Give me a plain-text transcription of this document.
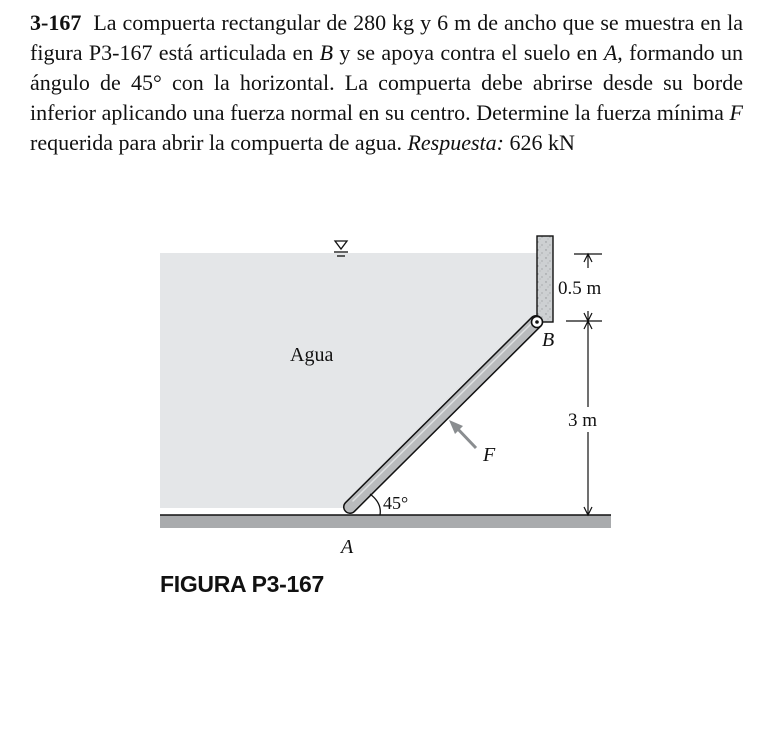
3-167 La compuerta rectangular de 280 kg y 6 m de ancho que se muestra en la figura P3-167 está articulada en B y se apoya contra el suelo en A, formando un ángulo de 45° con la horizontal. La compuerta debe abrirse desde su borde inferior aplicando una fuerza normal en su centro. Determine la fuerza mínima F requerida para abrir la compuerta de agua. Respuesta: 626 kN

Agua
B
F
45°
A
0.5 m
3 m

FIGURA P3-167
